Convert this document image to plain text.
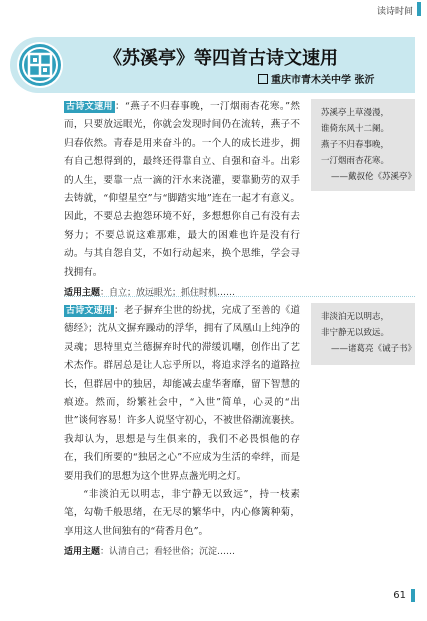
读诗时间
《苏溪亭》等四首古诗文速用
重庆市青木关中学 张沂

古诗文速用 ：“燕子不归春事晚，一汀烟雨杏花寒。”然而，只要放远眼光，你就会发现时间仍在流转，燕子不归春依然。青春是用来奋斗的。一个人的成长进步，拥有自己想得到的，最终还得靠自立、自强和奋斗。出彩的人生，要靠一点一滴的汗水来浇灌，要靠勤劳的双手去铸就，“仰望星空”与“脚踏实地”连在一起才有意义。因此，不要总去抱怨环境不好，多想想你自己有没有去努力；不要总说这难那难，最大的困难也许是没有行动。与其自怨自艾，不如行动起来，换个思维，学会寻找拥有。

适用主题：自立；放远眼光；抓住时机……
苏溪亭上草漫漫，
谁倚东风十二阑。
燕子不归春事晚，
一汀烟雨杏花寒。
——戴叔伦《苏溪亭》

古诗文速用 ：老子摒弃尘世的纷扰，完成了至善的《道德经》；沈从文摒弃躁动的浮华，拥有了凤凰山上纯净的灵魂；思特里克兰德摒弃时代的滞缓讥嘲，创作出了艺术杰作。群居总是让人忘乎所以，将追求浮名的道路拉长，但群居中的独居，却能减去虚华奢靡，留下智慧的痕迹。然而，纷繁社会中，“入世”简单，心灵的“出世”谈何容易！许多人说坚守初心，不被世俗潮流裹挟。我却认为，思想是与生俱来的，我们不必畏惧他的存在，我们所要的“独居之心”不应成为生活的牵绊，而是要用我们的思想为这个世界点盏光明之灯。

“非淡泊无以明志，非宁静无以致远”，持一枝素笔，勾勒千般思绪，在无尽的繁华中，内心修篱种菊，享用这人世间独有的“荷香月色”。

适用主题：认清自己；看轻世俗；沉淀……
非淡泊无以明志，
非宁静无以致远。
——诸葛亮《诫子书》
61
